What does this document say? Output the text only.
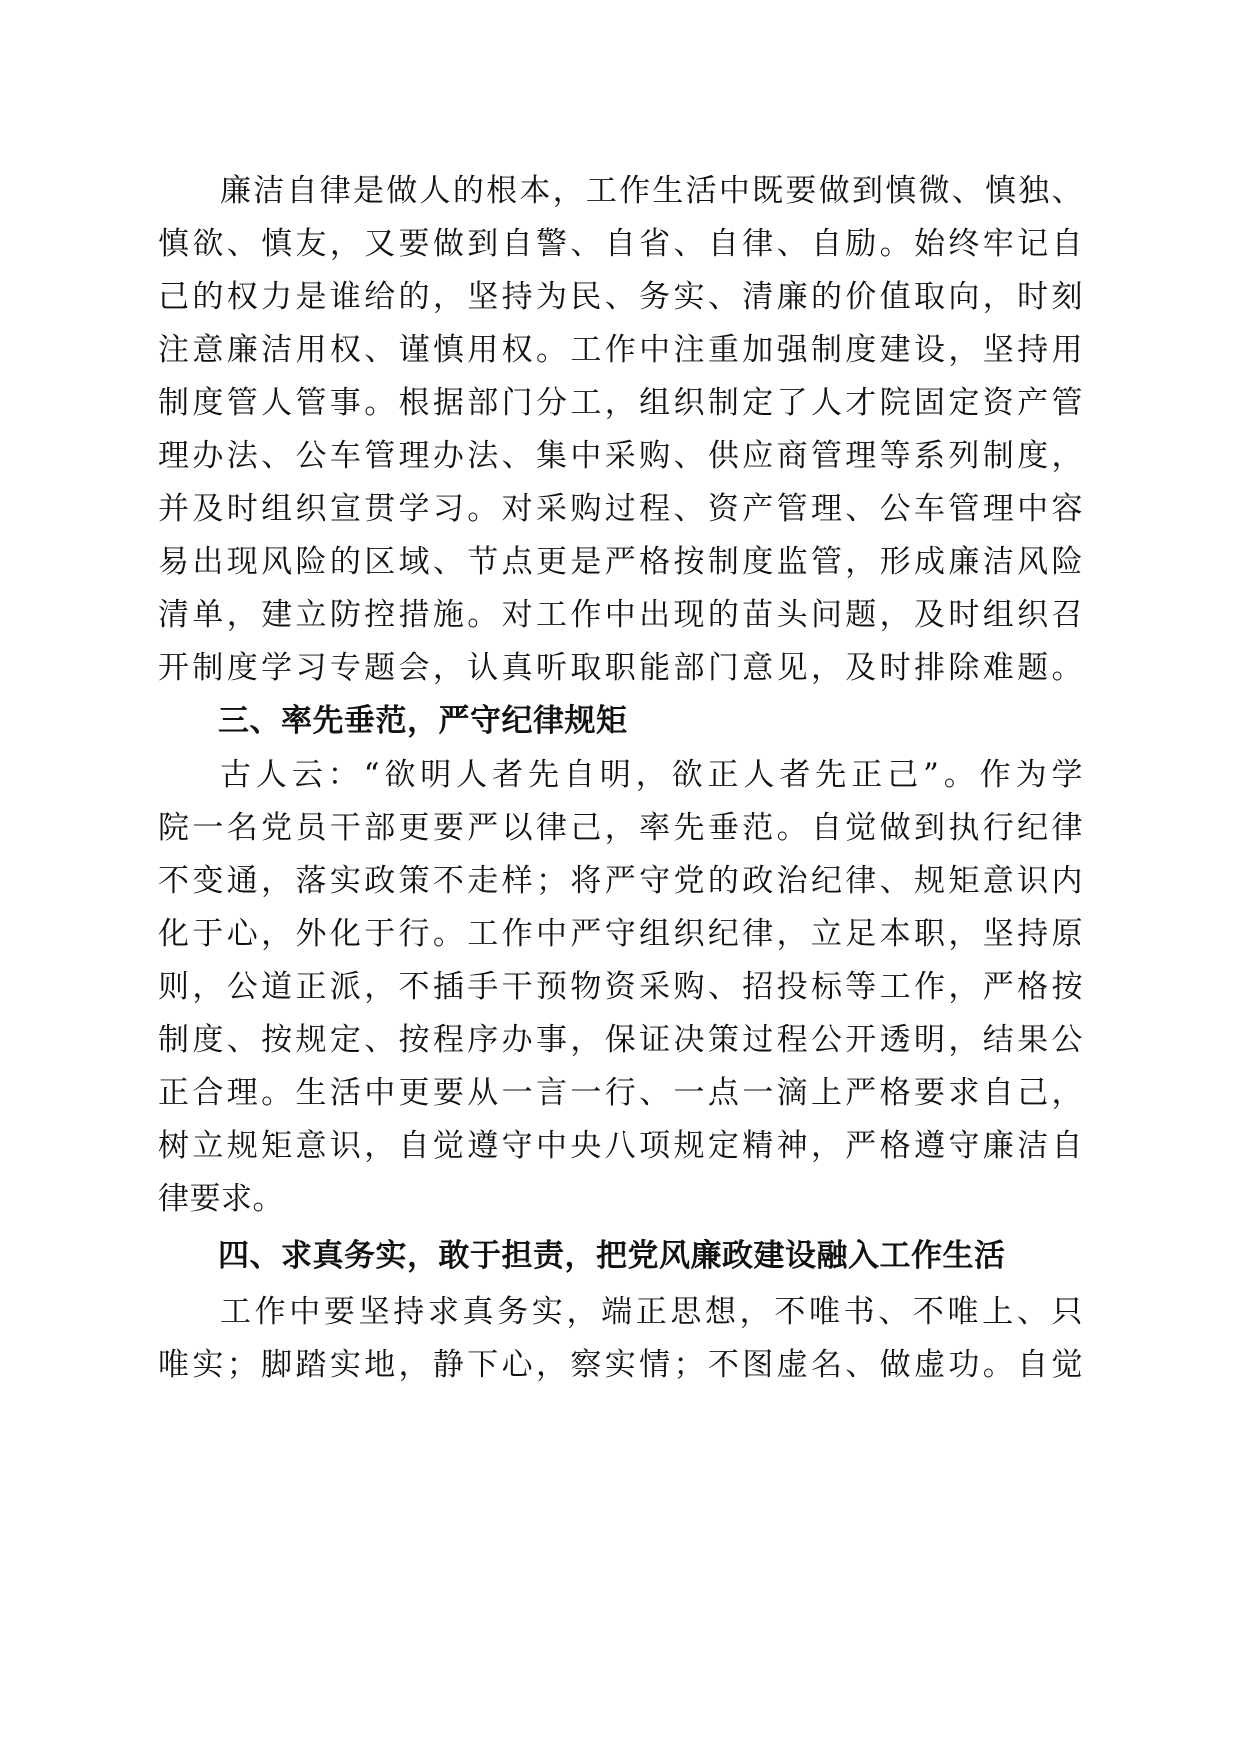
廉洁自律是做人的根本，工作生活中既要做到慎微、慎独、
慎欲、慎友，又要做到自警、自省、自律、自励。始终牢记自
己的权力是谁给的，坚持为民、务实、清廉的价值取向，时刻
注意廉洁用权、谨慎用权。工作中注重加强制度建设，坚持用
制度管人管事。根据部门分工，组织制定了人才院固定资产管
理办法、公车管理办法、集中采购、供应商管理等系列制度，
并及时组织宣贯学习。对采购过程、资产管理、公车管理中容
易出现风险的区域、节点更是严格按制度监管，形成廉洁风险
清单，建立防控措施。对工作中出现的苗头问题，及时组织召
开制度学习专题会，认真听取职能部门意见，及时排除难题。
三、率先垂范，严守纪律规矩
古人云：“欲明人者先自明，欲正人者先正己”。作为学
院一名党员干部更要严以律己，率先垂范。自觉做到执行纪律
不变通，落实政策不走样；将严守党的政治纪律、规矩意识内
化于心，外化于行。工作中严守组织纪律，立足本职，坚持原
则，公道正派，不插手干预物资采购、招投标等工作，严格按
制度、按规定、按程序办事，保证决策过程公开透明，结果公
正合理。生活中更要从一言一行、一点一滴上严格要求自己，
树立规矩意识，自觉遵守中央八项规定精神，严格遵守廉洁自
律要求。
四、求真务实，敢于担责，把党风廉政建设融入工作生活
工作中要坚持求真务实，端正思想，不唯书、不唯上、只
唯实；脚踏实地，静下心，察实情；不图虚名、做虚功。自觉
